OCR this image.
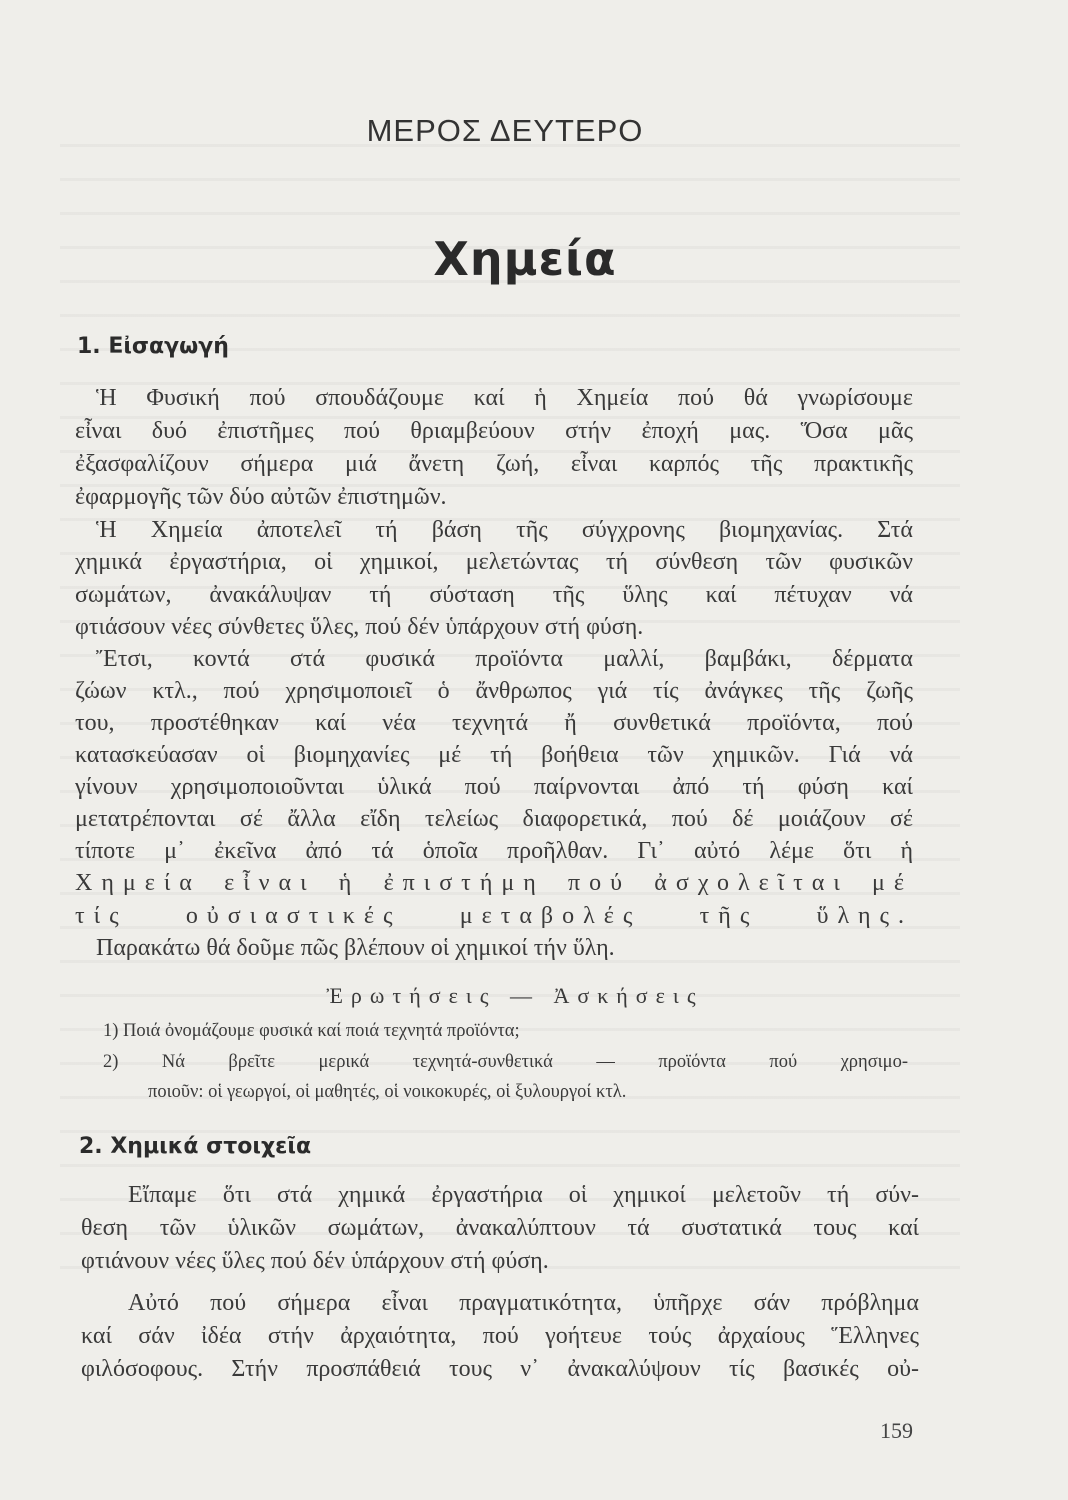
ΜΕΡΟΣ ΔΕΥΤΕΡΟ
Χημεία
1. Εἰσαγωγή
Ἡ Φυσική πού σπουδάζουμε καί ἡ Χημεία πού θά γνωρίσουμε
εἶναι δυό ἐπιστῆμες πού θριαμβεύουν στήν ἐποχή μας. Ὅσα μᾶς
ἐξασφαλίζουν σήμερα μιά ἄνετη ζωή, εἶναι καρπός τῆς πρακτικῆς
ἐφαρμογῆς τῶν δύο αὐτῶν ἐπιστημῶν.
Ἡ Χημεία ἀποτελεῖ τή βάση τῆς σύγχρονης βιομηχανίας. Στά
χημικά ἐργαστήρια, οἱ χημικοί, μελετώντας τή σύνθεση τῶν φυσικῶν
σωμάτων, ἀνακάλυψαν τή σύσταση τῆς ὕλης καί πέτυχαν νά
φτιάσουν νέες σύνθετες ὕλες, πού δέν ὑπάρχουν στή φύση.
Ἔτσι, κοντά στά φυσικά προϊόντα μαλλί, βαμβάκι, δέρματα
ζώων κτλ., πού χρησιμοποιεῖ ὁ ἄνθρωπος γιά τίς ἀνάγκες τῆς ζωῆς
του, προστέθηκαν καί νέα τεχνητά ἤ συνθετικά προϊόντα, πού
κατασκεύασαν οἱ βιομηχανίες μέ τή βοήθεια τῶν χημικῶν. Γιά νά
γίνουν χρησιμοποιοῦνται ὑλικά πού παίρνονται ἀπό τή φύση καί
μετατρέπονται σέ ἄλλα εἴδη τελείως διαφορετικά, πού δέ μοιάζουν σέ
τίποτε μ᾽ ἐκεῖνα ἀπό τά ὁποῖα προῆλθαν. Γι᾽ αὐτό λέμε ὅτι ἡ
Χημεία εἶναι ἡ ἐπιστήμη πού ἀσχολεῖται μέ
τίς οὐσιαστικές μεταβολές τῆς ὕλης.
Παρακάτω θά δοῦμε πῶς βλέπουν οἱ χημικοί τήν ὕλη.
Ἐρωτήσεις — Ἀσκήσεις
1) Ποιά ὀνομάζουμε φυσικά καί ποιά τεχνητά προϊόντα;
2) Νά βρεῖτε μερικά τεχνητά-συνθετικά — προϊόντα πού χρησιμο-
ποιοῦν: οἱ γεωργοί, οἱ μαθητές, οἱ νοικοκυρές, οἱ ξυλουργοί κτλ.
2. Χημικά στοιχεῖα
Εἴπαμε ὅτι στά χημικά ἐργαστήρια οἱ χημικοί μελετοῦν τή σύν-
θεση τῶν ὑλικῶν σωμάτων, ἀνακαλύπτουν τά συστατικά τους καί
φτιάνουν νέες ὕλες πού δέν ὑπάρχουν στή φύση.
Αὐτό πού σήμερα εἶναι πραγματικότητα, ὑπῆρχε σάν πρόβλημα
καί σάν ἰδέα στήν ἀρχαιότητα, πού γοήτευε τούς ἀρχαίους Ἕλληνες
φιλόσοφους. Στήν προσπάθειά τους ν᾽ ἀνακαλύψουν τίς βασικές οὐ-
159
